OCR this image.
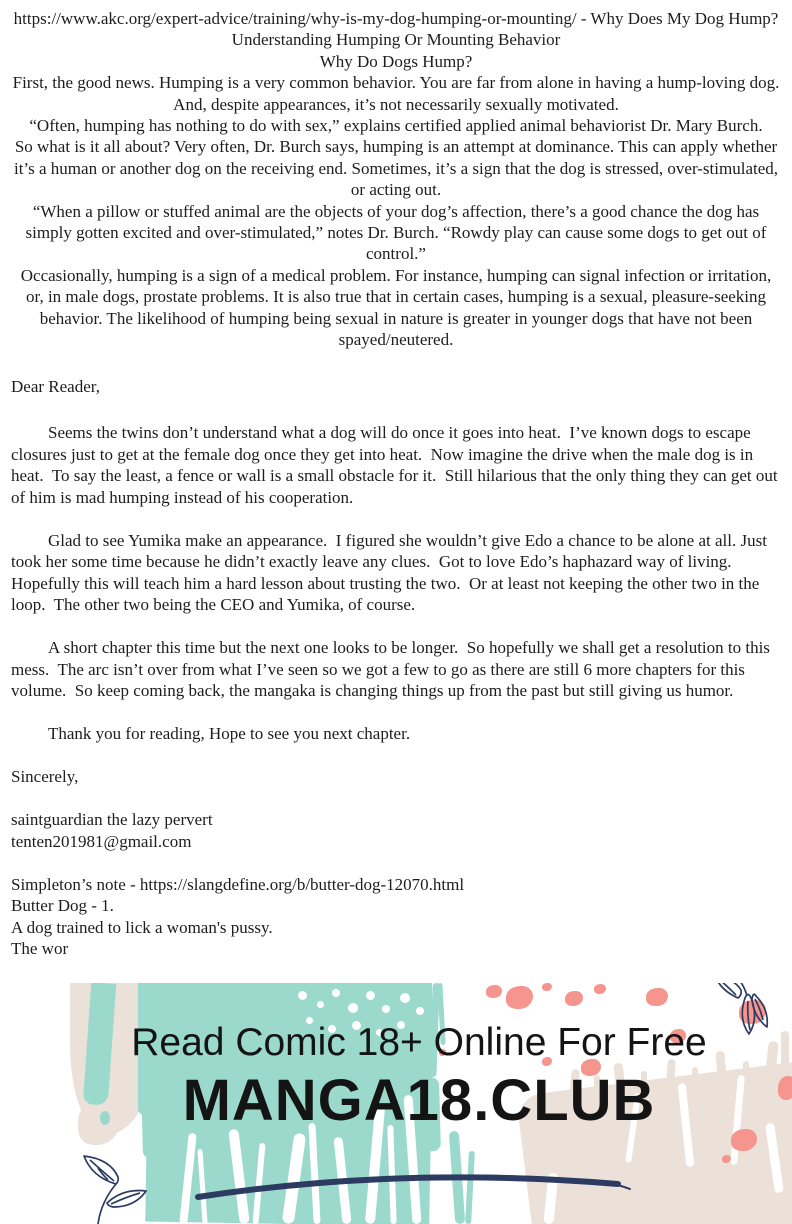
https://www.akc.org/expert-advice/training/why-is-my-dog-humping-or-mounting/ - Why Does My Dog Hump? Understanding Humping Or Mounting Behavior

Why Do Dogs Hump?

First, the good news. Humping is a very common behavior. You are far from alone in having a hump-loving dog. And, despite appearances, it’s not necessarily sexually motivated.

“Often, humping has nothing to do with sex,” explains certified applied animal behaviorist Dr. Mary Burch.

So what is it all about? Very often, Dr. Burch says, humping is an attempt at dominance. This can apply whether it’s a human or another dog on the receiving end. Sometimes, it’s a sign that the dog is stressed, over-stimulated, or acting out.

“When a pillow or stuffed animal are the objects of your dog’s affection, there’s a good chance the dog has simply gotten excited and over-stimulated,” notes Dr. Burch. “Rowdy play can cause some dogs to get out of control.”

Occasionally, humping is a sign of a medical problem. For instance, humping can signal infection or irritation, or, in male dogs, prostate problems. It is also true that in certain cases, humping is a sexual, pleasure-seeking behavior. The likelihood of humping being sexual in nature is greater in younger dogs that have not been spayed/neutered.

Dear Reader,

Seems the twins don’t understand what a dog will do once it goes into heat.  I’ve known dogs to escape closures just to get at the female dog once they get into heat.  Now imagine the drive when the male dog is in heat.  To say the least, a fence or wall is a small obstacle for it.  Still hilarious that the only thing they can get out of him is mad humping instead of his cooperation.

Glad to see Yumika make an appearance.  I figured she wouldn’t give Edo a chance to be alone at all. Just took her some time because he didn’t exactly leave any clues.  Got to love Edo’s haphazard way of living.  Hopefully this will teach him a hard lesson about trusting the two.  Or at least not keeping the other two in the loop.  The other two being the CEO and Yumika, of course.

A short chapter this time but the next one looks to be longer.  So hopefully we shall get a resolution to this mess.  The arc isn’t over from what I’ve seen so we got a few to go as there are still 6 more chapters for this volume.  So keep coming back, the mangaka is changing things up from the past but still giving us humor.

Thank you for reading, Hope to see you next chapter.

Sincerely,

saintguardian the lazy pervert

tenten201981@gmail.com

Simpleton’s note - https://slangdefine.org/b/butter-dog-12070.html

Butter Dog - 1.

A dog trained to lick a woman's pussy.

The wor

Read Comic 18+ Online For Free
MANGA18.CLUB
